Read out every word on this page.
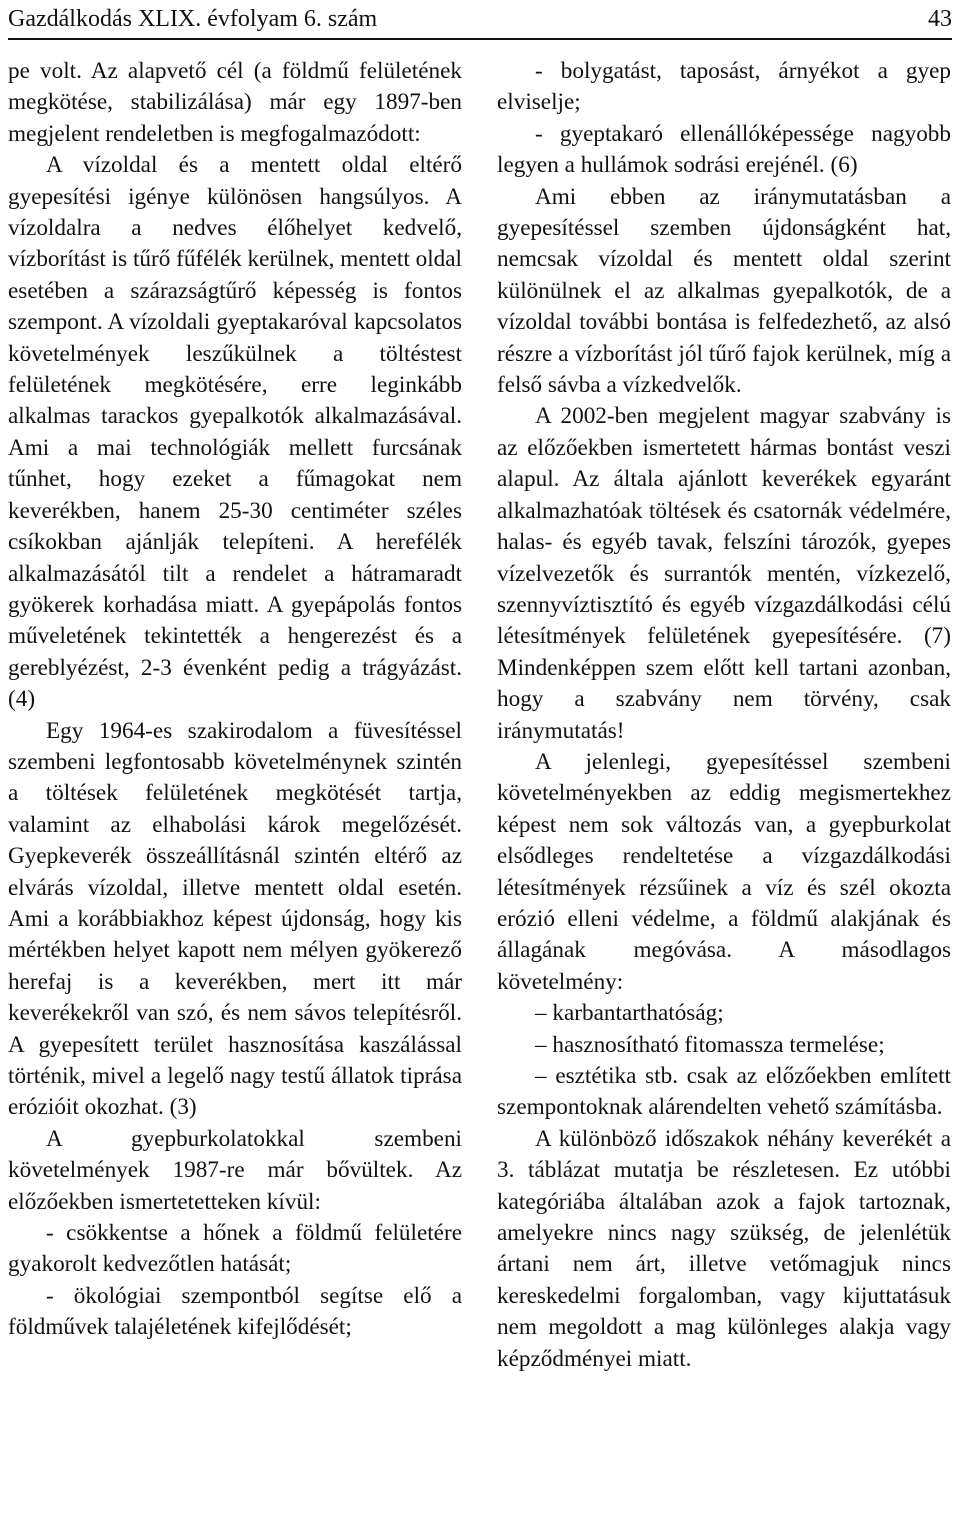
Gazdálkodás XLIX. évfolyam 6. szám	43

pe volt. Az alapvető cél (a földmű felületének megkötése, stabilizálása) már egy 1897-ben megjelent rendeletben is megfogalmazódott:

A vízoldal és a mentett oldal eltérő gyepesítési igénye különösen hangsúlyos. A vízoldalra a nedves élőhelyet kedvelő, vízborítást is tűrő fűfélék kerülnek, mentett oldal esetében a szárazságtűrő képesség is fontos szempont. A vízoldali gyeptakaróval kapcsolatos követelmények leszűkülnek a töltéstest felületének megkötésére, erre leginkább alkalmas tarackos gyepalkotók alkalmazásával. Ami a mai technológiák mellett furcsának tűnhet, hogy ezeket a fűmagokat nem keverékben, hanem 25-30 centiméter széles csíkokban ajánlják telepíteni. A herefélék alkalmazásától tilt a rendelet a hátramaradt gyökerek korhadása miatt. A gyepápolás fontos műveletének tekintették a hengerezést és a gereblyézést, 2-3 évenként pedig a trágyázást. (4)

Egy 1964-es szakirodalom a füvesítéssel szembeni legfontosabb követelménynek szintén a töltések felületének megkötését tartja, valamint az elhabolási károk megelőzését. Gyepkeverék összeállításnál szintén eltérő az elvárás vízoldal, illetve mentett oldal esetén. Ami a korábbiakhoz képest újdonság, hogy kis mértékben helyet kapott nem mélyen gyökerező herefaj is a keverékben, mert itt már keverékekről van szó, és nem sávos telepítésről. A gyepesített terület hasznosítása kaszálással történik, mivel a legelő nagy testű állatok tiprása erózióit okozhat. (3)

A gyepburkolatokkal szembeni követelmények 1987-re már bővültek. Az előzőekben ismertetetteken kívül:

- csökkentse a hőnek a földmű felületére gyakorolt kedvezőtlen hatását;

- ökológiai szempontból segítse elő a földművek talajéletének kifejlődését;

- bolygatást, taposást, árnyékot a gyep elviselje;

- gyeptakaró ellenállóképessége nagyobb legyen a hullámok sodrási erejénél. (6)

Ami ebben az iránymutatásban a gyepesítéssel szemben újdonságként hat, nemcsak vízoldal és mentett oldal szerint különülnek el az alkalmas gyepalkotók, de a vízoldal további bontása is felfedezhető, az alsó részre a vízborítást jól tűrő fajok kerülnek, míg a felső sávba a vízkedvelők.

A 2002-ben megjelent magyar szabvány is az előzőekben ismertetett hármas bontást veszi alapul. Az általa ajánlott keverékek egyaránt alkalmazhatóak töltések és csatornák védelmére, halas- és egyéb tavak, felszíni tározók, gyepes vízelvezetők és surrantók mentén, vízkezelő, szennyvíztisztító és egyéb vízgazdálkodási célú létesítmények felületének gyepesítésére. (7) Mindenképpen szem előtt kell tartani azonban, hogy a szabvány nem törvény, csak iránymutatás!

A jelenlegi, gyepesítéssel szembeni követelményekben az eddig megismertekhez képest nem sok változás van, a gyepburkolat elsődleges rendeltetése a vízgazdálkodási létesítmények rézsűinek a víz és szél okozta erózió elleni védelme, a földmű alakjának és állagának megóvása. A másodlagos követelmény:

– karbantarthatóság;

– hasznosítható fitomassza termelése;

– esztétika stb. csak az előzőekben említett szempontoknak alárendelten vehető számításba.

A különböző időszakok néhány keverékét a 3. táblázat mutatja be részletesen. Ez utóbbi kategóriába általában azok a fajok tartoznak, amelyekre nincs nagy szükség, de jelenlétük ártani nem árt, illetve vetőmagjuk nincs kereskedelmi forgalomban, vagy kijuttatásuk nem megoldott a mag különleges alakja vagy képződményei miatt.
